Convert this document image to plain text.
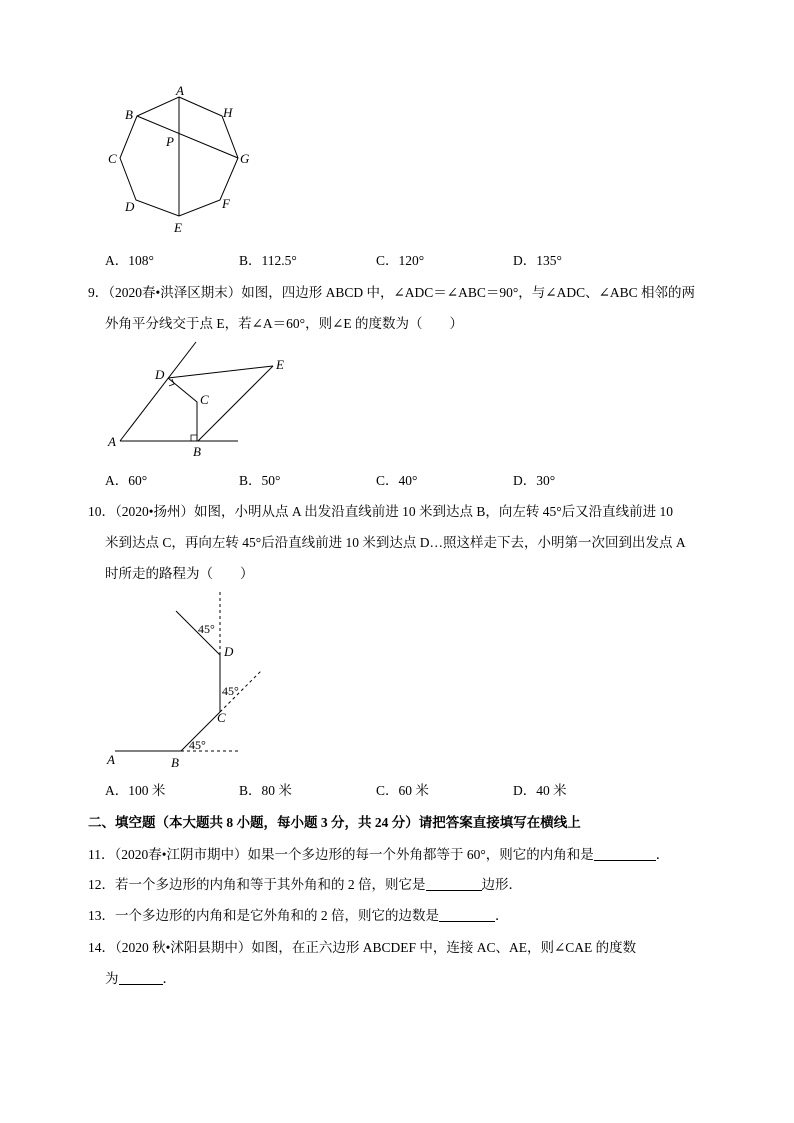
A
B
C
D
E
F
G
H
P
A．108°	B．112.5°	C．120°	D．135°
9．（2020春•洪泽区期末）如图，四边形 ABCD 中，∠ADC＝∠ABC＝90°，与∠ADC、∠ABC 相邻的两
外角平分线交于点 E，若∠A＝60°，则∠E 的度数为（　　）
A
B
C
D
E
A．60°	B．50°	C．40°	D．30°
10．（2020•扬州）如图，小明从点 A 出发沿直线前进 10 米到达点 B，向左转 45°后又沿直线前进 10
米到达点 C，再向左转 45°后沿直线前进 10 米到达点 D…照这样走下去，小明第一次回到出发点 A
时所走的路程为（　　）
A	B
C
D
45°
45°
45°
A．100 米	B．80 米	C．60 米	D．40 米
二、填空题（本大题共 8 小题，每小题 3 分，共 24 分）请把答案直接填写在横线上
11．（2020春•江阴市期中）如果一个多边形的每一个外角都等于 60°，则它的内角和是	．
12．若一个多边形的内角和等于其外角和的 2 倍，则它是	边形．
13．一个多边形的内角和是它外角和的 2 倍，则它的边数是	．
14．（2020 秋•沭阳县期中）如图，在正六边形 ABCDEF 中，连接 AC、AE，则∠CAE 的度数
为	．
